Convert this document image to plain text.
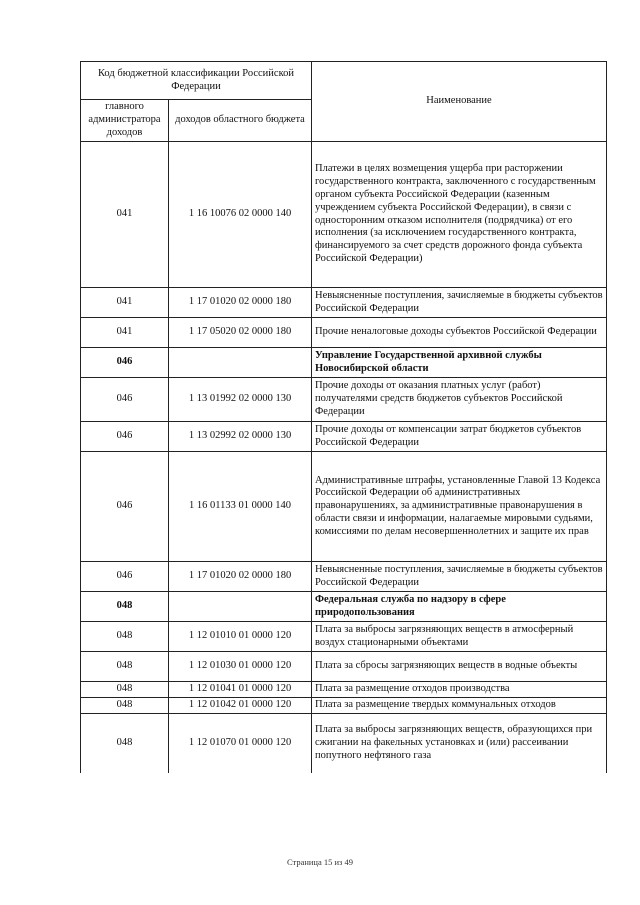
Код бюджетной классификации Российской Федерации		Наименование
главного администратора доходов	доходов областного бюджета	
041	1 16 10076 02 0000 140	Платежи в целях возмещения ущерба при расторжении государственного контракта, заключенного с государственным органом субъекта Российской Федерации (казенным учреждением субъекта Российской Федерации), в связи с односторонним отказом исполнителя (подрядчика) от его исполнения (за исключением государственного контракта, финансируемого за счет средств дорожного фонда субъекта Российской Федерации)
041	1 17 01020 02 0000 180	Невыясненные поступления, зачисляемые в бюджеты субъектов Российской Федерации
041	1 17 05020 02 0000 180	Прочие неналоговые доходы субъектов Российской Федерации
046		Управление Государственной архивной службы Новосибирской области
046	1 13 01992 02 0000 130	Прочие доходы от оказания платных услуг (работ) получателями средств бюджетов субъектов Российской Федерации
046	1 13 02992 02 0000 130	Прочие доходы от компенсации затрат бюджетов субъектов Российской Федерации
046	1 16 01133 01 0000 140	Административные штрафы, установленные Главой 13 Кодекса Российской Федерации об административных правонарушениях, за административные правонарушения в области связи и информации, налагаемые мировыми судьями, комиссиями по делам несовершеннолетних и защите их прав
046	1 17 01020 02 0000 180	Невыясненные поступления, зачисляемые в бюджеты субъектов Российской Федерации
048		Федеральная служба по надзору в сфере природопользования
048	1 12 01010 01 0000 120	Плата за выбросы загрязняющих веществ в атмосферный воздух стационарными объектами
048	1 12 01030 01 0000 120	Плата за сбросы загрязняющих веществ в водные объекты
048	1 12 01041 01 0000 120	Плата за размещение отходов производства
048	1 12 01042 01 0000 120	Плата за размещение твердых коммунальных отходов
048	1 12 01070 01 0000 120	Плата за выбросы загрязняющих веществ, образующихся при сжигании на факельных установках и (или) рассеивании попутного нефтяного газа
Страница 15 из 49
